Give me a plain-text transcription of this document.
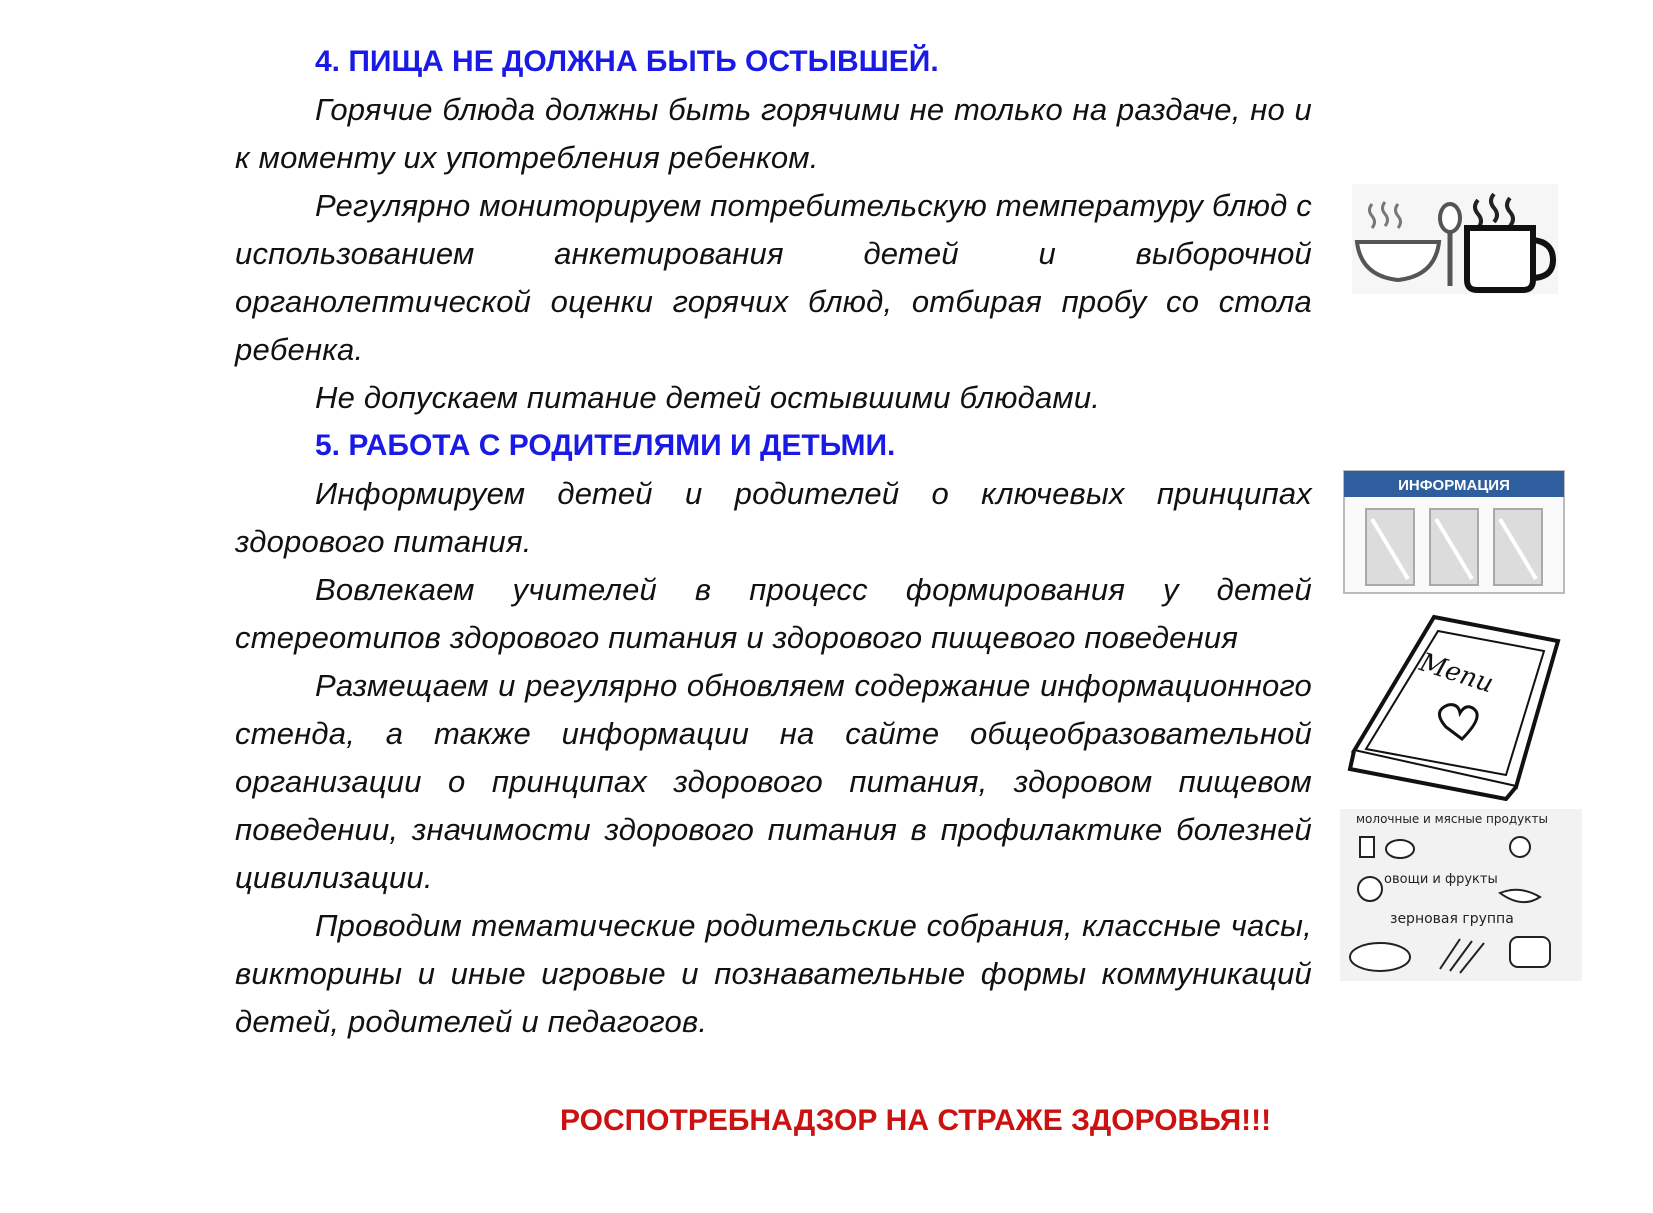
4. ПИЩА НЕ ДОЛЖНА БЫТЬ ОСТЫВШЕЙ.

Горячие блюда должны быть горячими не только на раздаче, но и к моменту их употребления ребенком.

Регулярно мониторируем потребительскую температуру блюд с использованием анкетирования детей и выборочной органолептической оценки горячих блюд, отбирая пробу со стола ребенка.

Не допускаем питание детей остывшими блюдами.

5. РАБОТА С РОДИТЕЛЯМИ И ДЕТЬМИ.

Информируем детей и родителей о ключевых принципах здорового питания.

Вовлекаем учителей в процесс формирования у детей стереотипов здорового питания и здорового пищевого поведения

Размещаем и регулярно обновляем содержание информационного стенда, а также информации на сайте общеобразовательной организации о принципах здорового питания, здоровом пищевом поведении, значимости здорового питания в профилактике болезней цивилизации.

Проводим тематические родительские собрания, классные часы, викторины и иные игровые и познавательные формы коммуникаций детей, родителей и педагогов.

РОСПОТРЕБНАДЗОР НА СТРАЖЕ ЗДОРОВЬЯ!!!
ИНФОРМАЦИЯ
Menu
молочные и мясные продукты
овощи и фрукты
зерновая группа
